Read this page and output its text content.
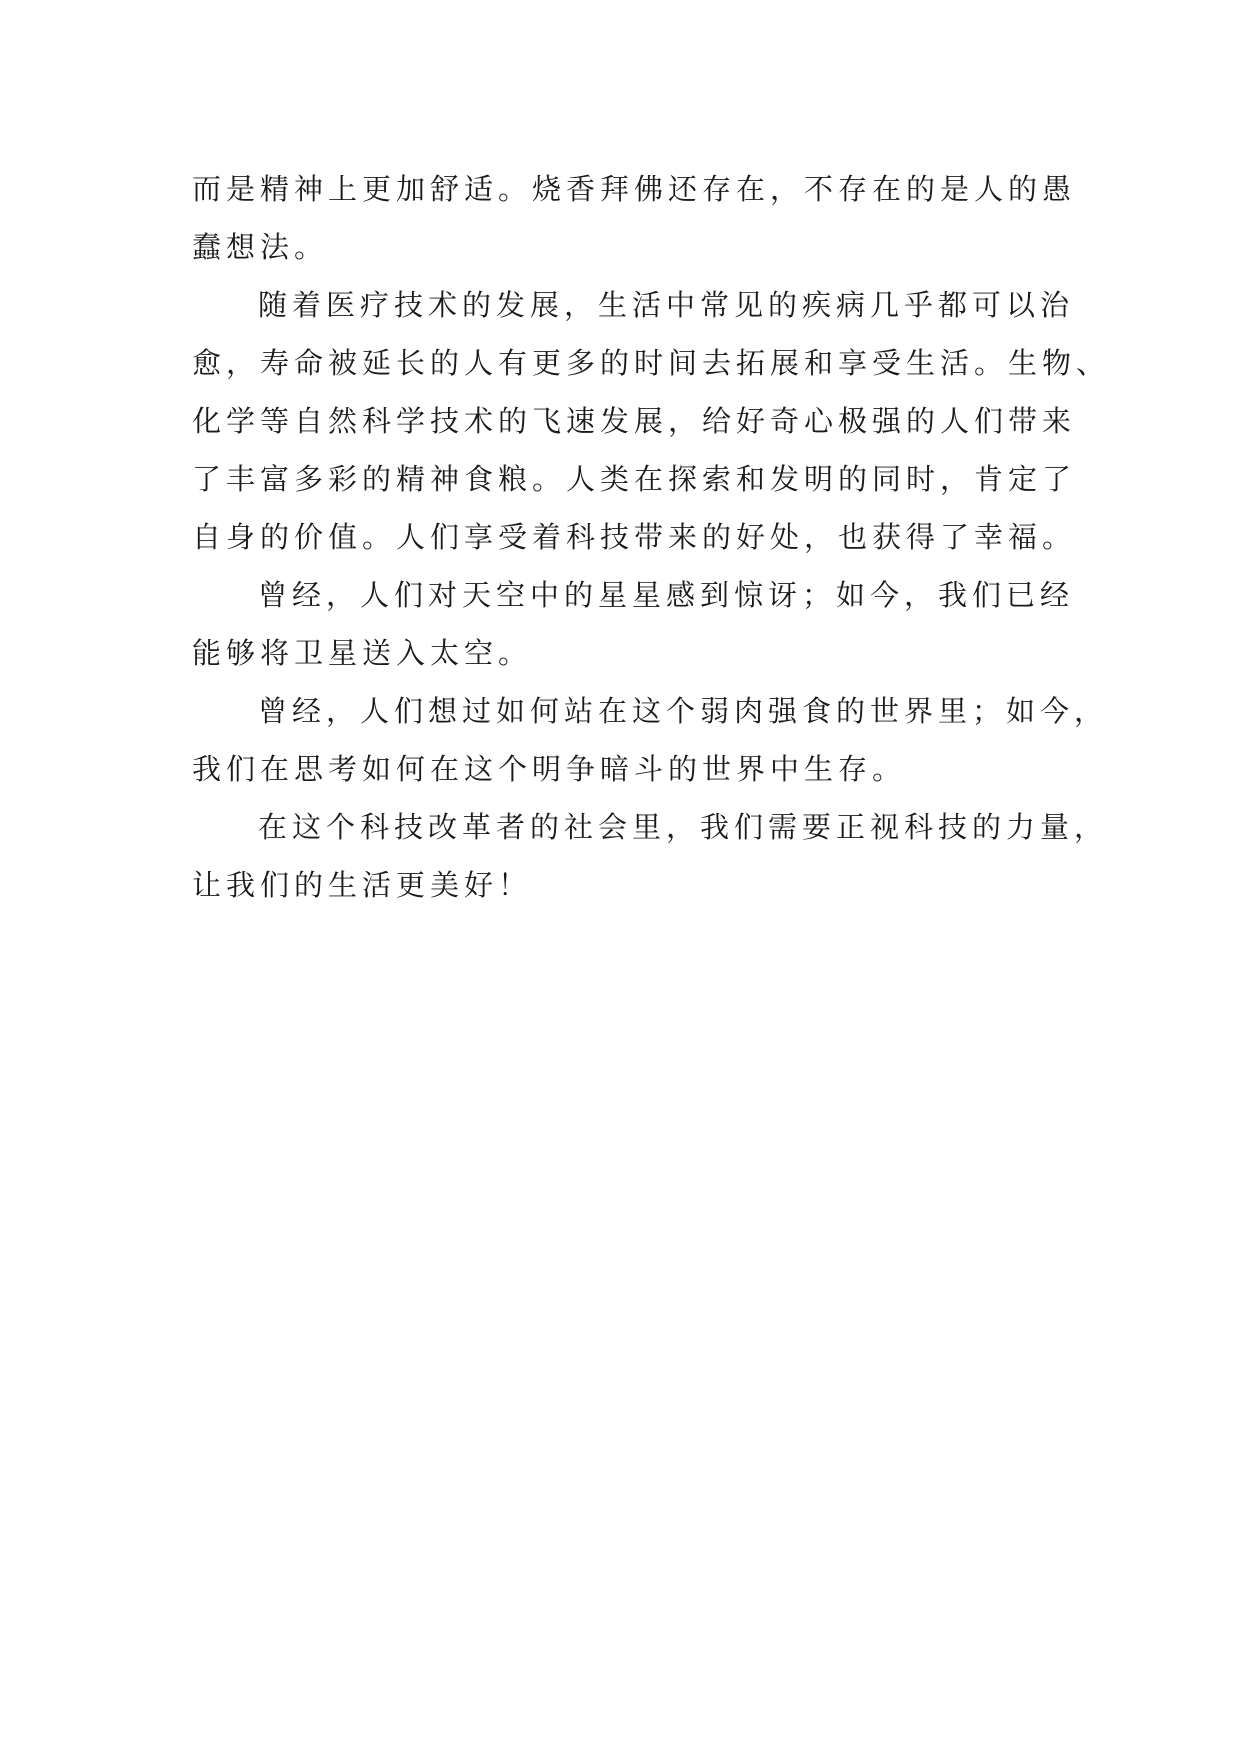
而是精神上更加舒适。烧香拜佛还存在，不存在的是人的愚
蠢想法。
随着医疗技术的发展，生活中常见的疾病几乎都可以治
愈，寿命被延长的人有更多的时间去拓展和享受生活。生物、
化学等自然科学技术的飞速发展，给好奇心极强的人们带来
了丰富多彩的精神食粮。人类在探索和发明的同时，肯定了
自身的价值。人们享受着科技带来的好处，也获得了幸福。
曾经，人们对天空中的星星感到惊讶；如今，我们已经
能够将卫星送入太空。
曾经，人们想过如何站在这个弱肉强食的世界里；如今，
我们在思考如何在这个明争暗斗的世界中生存。
在这个科技改革者的社会里，我们需要正视科技的力量，
让我们的生活更美好！
